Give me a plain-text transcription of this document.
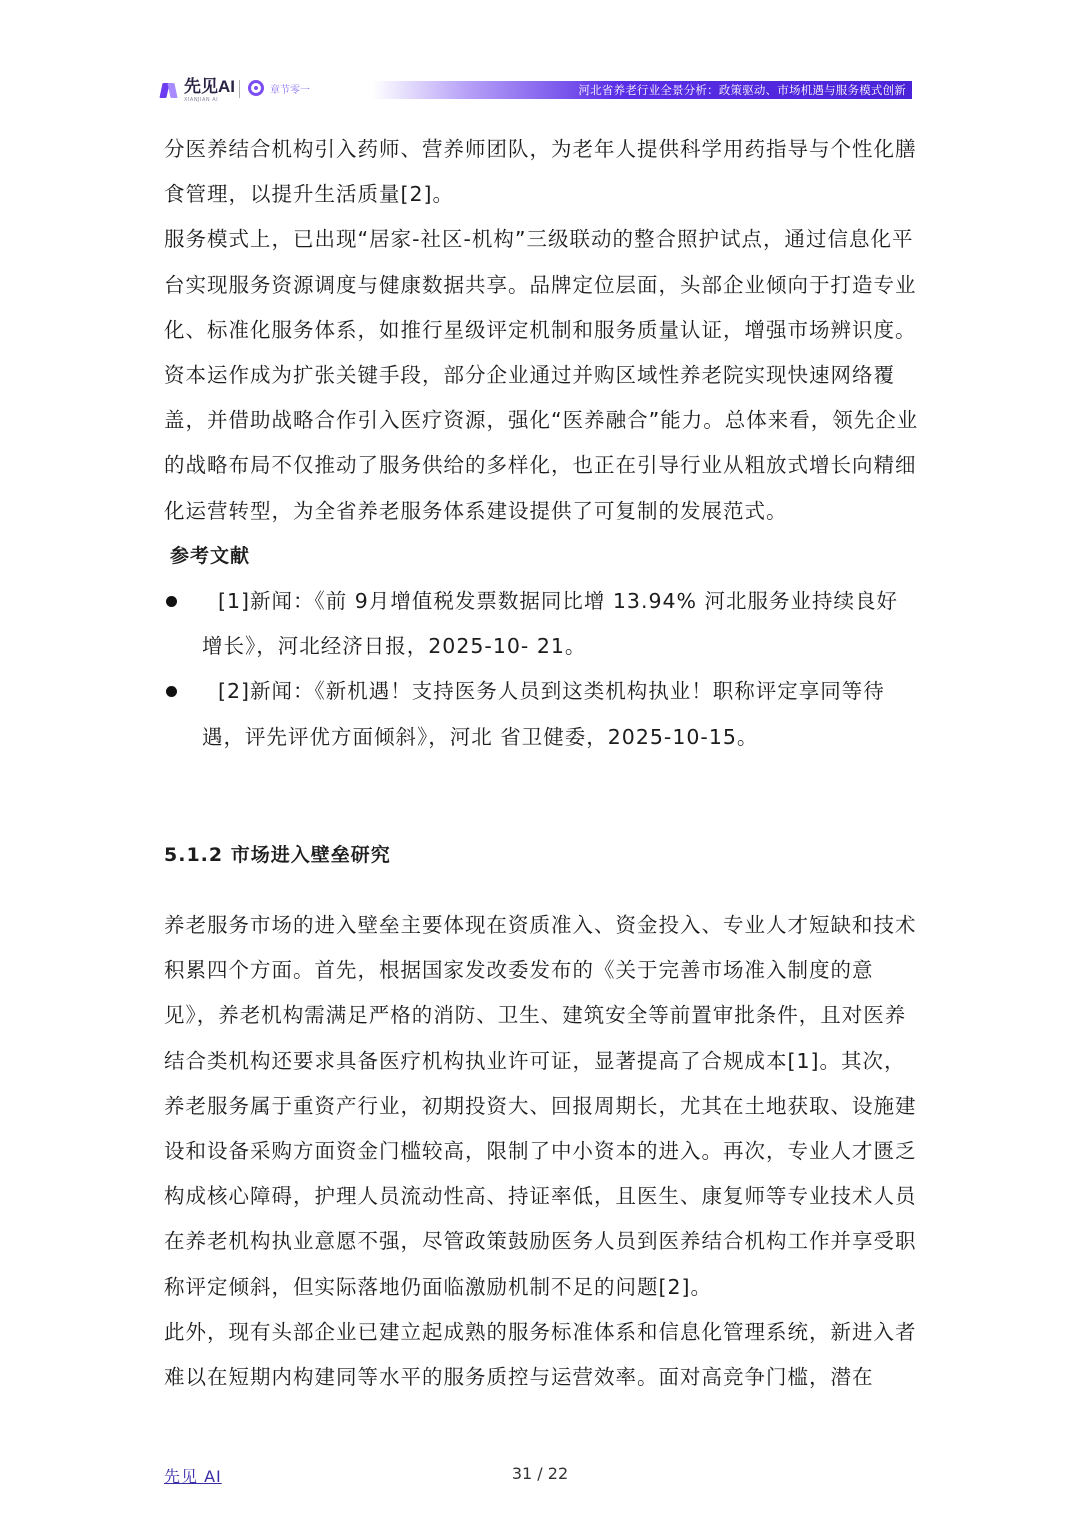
先见AI
XIANJIAN AI
章节零一	河北省养老行业全景分析：政策驱动、市场机遇与服务模式创新

分医养结合机构引入药师、营养师团队，为老年人提供科学用药指导与个性化膳食管理，以提升生活质量[2]。

服务模式上，已出现“居家-社区-机构”三级联动的整合照护试点，通过信息化平台实现服务资源调度与健康数据共享。品牌定位层面，头部企业倾向于打造专业化、标准化服务体系，如推行星级评定机制和服务质量认证，增强市场辨识度。资本运作成为扩张关键手段，部分企业通过并购区域性养老院实现快速网络覆盖，并借助战略合作引入医疗资源，强化“医养融合”能力。总体来看，领先企业的战略布局不仅推动了服务供给的多样化，也正在引导行业从粗放式增长向精细化运营转型，为全省养老服务体系建设提供了可复制的发展范式。

参考文献

[1]新闻：《前 9月增值税发票数据同比增 13.94% 河北服务业持续良好
增长》，河北经济日报，2025-10- 21。
[2]新闻：《新机遇！支持医务人员到这类机构执业！职称评定享同等待
遇，评先评优方面倾斜》，河北 省卫健委，2025-10-15。
5.1.2 市场进入壁垒研究

养老服务市场的进入壁垒主要体现在资质准入、资金投入、专业人才短缺和技术积累四个方面。首先，根据国家发改委发布的《关于完善市场准入制度的意见》，养老机构需满足严格的消防、卫生、建筑安全等前置审批条件，且对医养结合类机构还要求具备医疗机构执业许可证，显著提高了合规成本[1]。其次，养老服务属于重资产行业，初期投资大、回报周期长，尤其在土地获取、设施建设和设备采购方面资金门槛较高，限制了中小资本的进入。再次，专业人才匮乏构成核心障碍，护理人员流动性高、持证率低，且医生、康复师等专业技术人员在养老机构执业意愿不强，尽管政策鼓励医务人员到医养结合机构工作并享受职称评定倾斜，但实际落地仍面临激励机制不足的问题[2]。

此外，现有头部企业已建立起成熟的服务标准体系和信息化管理系统，新进入者难以在短期内构建同等水平的服务质控与运营效率。面对高竞争门槛，潜在

先见 AI	31 / 22
